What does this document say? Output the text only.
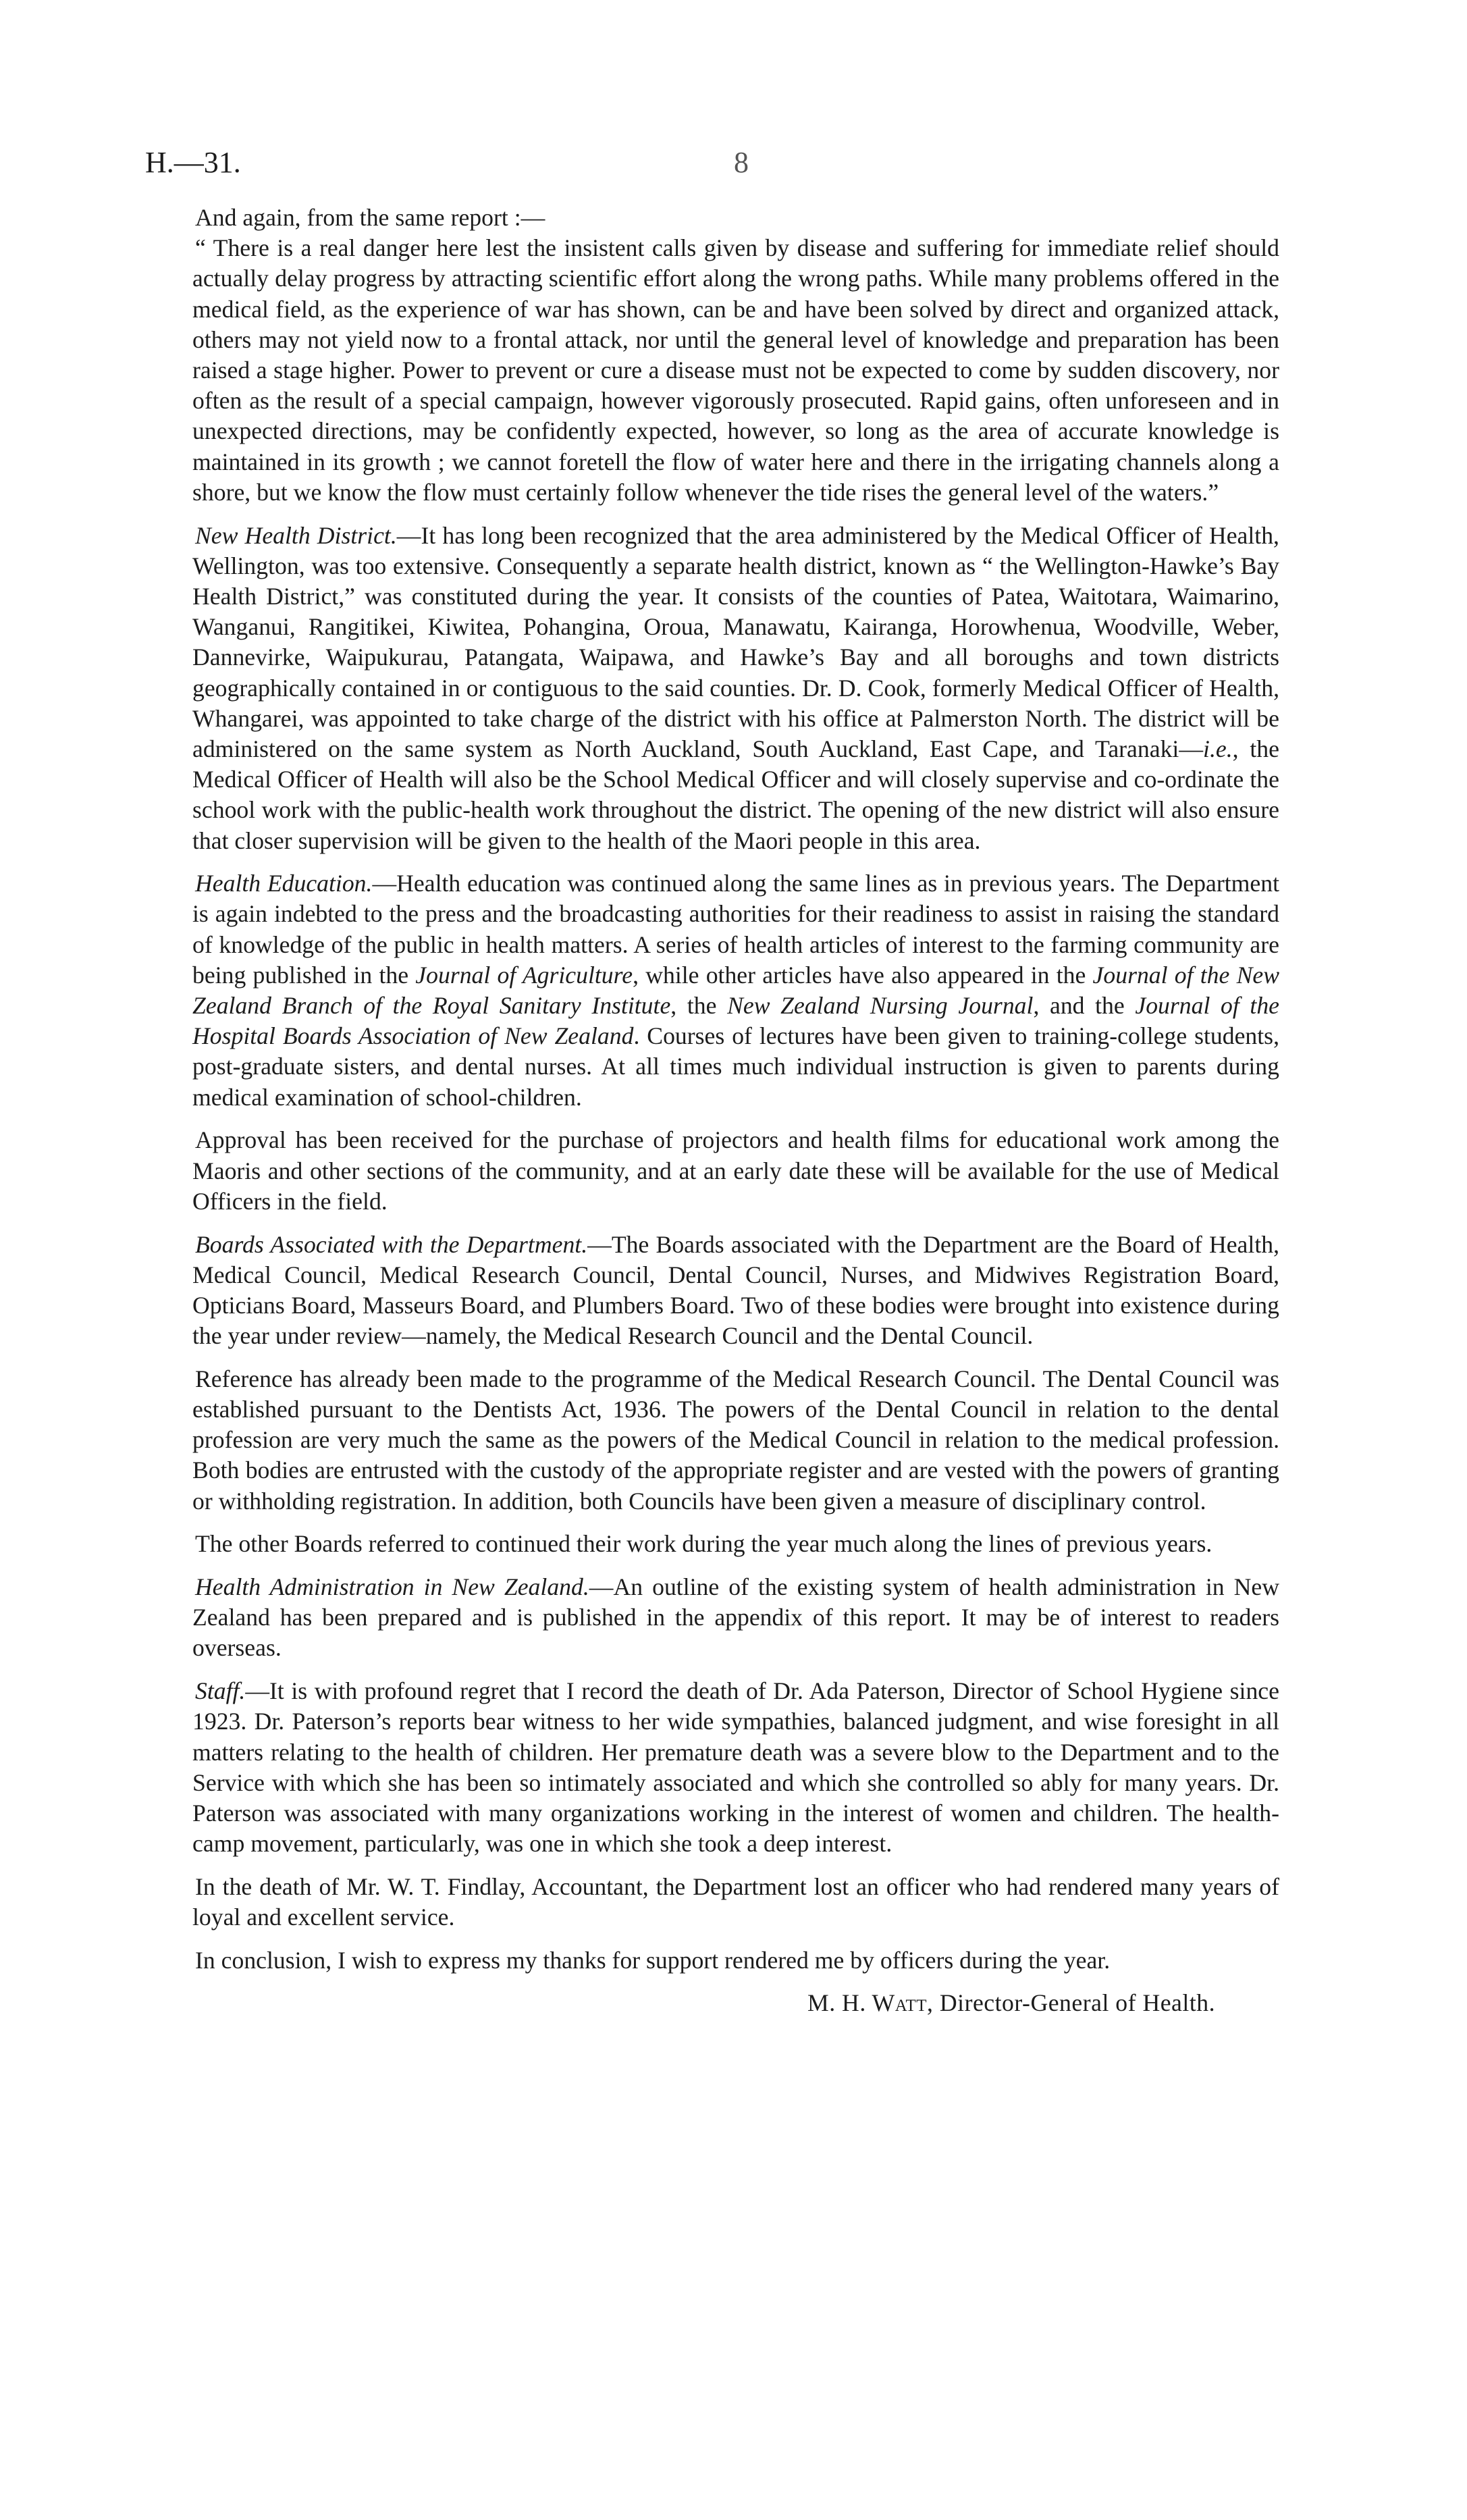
H.—31.	8

And again, from the same report :—

“ There is a real danger here lest the insistent calls given by disease and suffering for immediate relief should actually delay progress by attracting scientific effort along the wrong paths. While many problems offered in the medical field, as the experience of war has shown, can be and have been solved by direct and organized attack, others may not yield now to a frontal attack, nor until the general level of knowledge and preparation has been raised a stage higher. Power to prevent or cure a disease must not be expected to come by sudden discovery, nor often as the result of a special campaign, however vigorously prosecuted. Rapid gains, often unforeseen and in unexpected directions, may be confidently expected, however, so long as the area of accurate knowledge is maintained in its growth ; we cannot foretell the flow of water here and there in the irrigating channels along a shore, but we know the flow must certainly follow whenever the tide rises the general level of the waters.”

New Health District.—It has long been recognized that the area administered by the Medical Officer of Health, Wellington, was too extensive. Consequently a separate health district, known as “ the Wellington-Hawke’s Bay Health District,” was constituted during the year. It consists of the counties of Patea, Waitotara, Waimarino, Wanganui, Rangitikei, Kiwitea, Pohangina, Oroua, Manawatu, Kairanga, Horowhenua, Woodville, Weber, Dannevirke, Waipukurau, Patangata, Waipawa, and Hawke’s Bay and all boroughs and town districts geographically contained in or contiguous to the said counties. Dr. D. Cook, formerly Medical Officer of Health, Whangarei, was appointed to take charge of the district with his office at Palmerston North. The district will be administered on the same system as North Auckland, South Auckland, East Cape, and Taranaki—i.e., the Medical Officer of Health will also be the School Medical Officer and will closely supervise and co-ordinate the school work with the public-health work throughout the district. The opening of the new district will also ensure that closer supervision will be given to the health of the Maori people in this area.

Health Education.—Health education was continued along the same lines as in previous years. The Department is again indebted to the press and the broadcasting authorities for their readiness to assist in raising the standard of knowledge of the public in health matters. A series of health articles of interest to the farming community are being published in the Journal of Agriculture, while other articles have also appeared in the Journal of the New Zealand Branch of the Royal Sanitary Institute, the New Zealand Nursing Journal, and the Journal of the Hospital Boards Association of New Zealand. Courses of lectures have been given to training-college students, post-graduate sisters, and dental nurses. At all times much individual instruction is given to parents during medical examination of school-children.

Approval has been received for the purchase of projectors and health films for educational work among the Maoris and other sections of the community, and at an early date these will be available for the use of Medical Officers in the field.

Boards Associated with the Department.—The Boards associated with the Department are the Board of Health, Medical Council, Medical Research Council, Dental Council, Nurses, and Midwives Registration Board, Opticians Board, Masseurs Board, and Plumbers Board. Two of these bodies were brought into existence during the year under review—namely, the Medical Research Council and the Dental Council.

Reference has already been made to the programme of the Medical Research Council. The Dental Council was established pursuant to the Dentists Act, 1936. The powers of the Dental Council in relation to the dental profession are very much the same as the powers of the Medical Council in relation to the medical profession. Both bodies are entrusted with the custody of the appropriate register and are vested with the powers of granting or withholding registration. In addition, both Councils have been given a measure of disciplinary control.

The other Boards referred to continued their work during the year much along the lines of previous years.

Health Administration in New Zealand.—An outline of the existing system of health administration in New Zealand has been prepared and is published in the appendix of this report. It may be of interest to readers overseas.

Staff.—It is with profound regret that I record the death of Dr. Ada Paterson, Director of School Hygiene since 1923. Dr. Paterson’s reports bear witness to her wide sympathies, balanced judgment, and wise foresight in all matters relating to the health of children. Her premature death was a severe blow to the Department and to the Service with which she has been so intimately associated and which she controlled so ably for many years. Dr. Paterson was associated with many organizations working in the interest of women and children. The health-camp movement, particularly, was one in which she took a deep interest.

In the death of Mr. W. T. Findlay, Accountant, the Department lost an officer who had rendered many years of loyal and excellent service.

In conclusion, I wish to express my thanks for support rendered me by officers during the year.

M. H. Watt, Director-General of Health.
